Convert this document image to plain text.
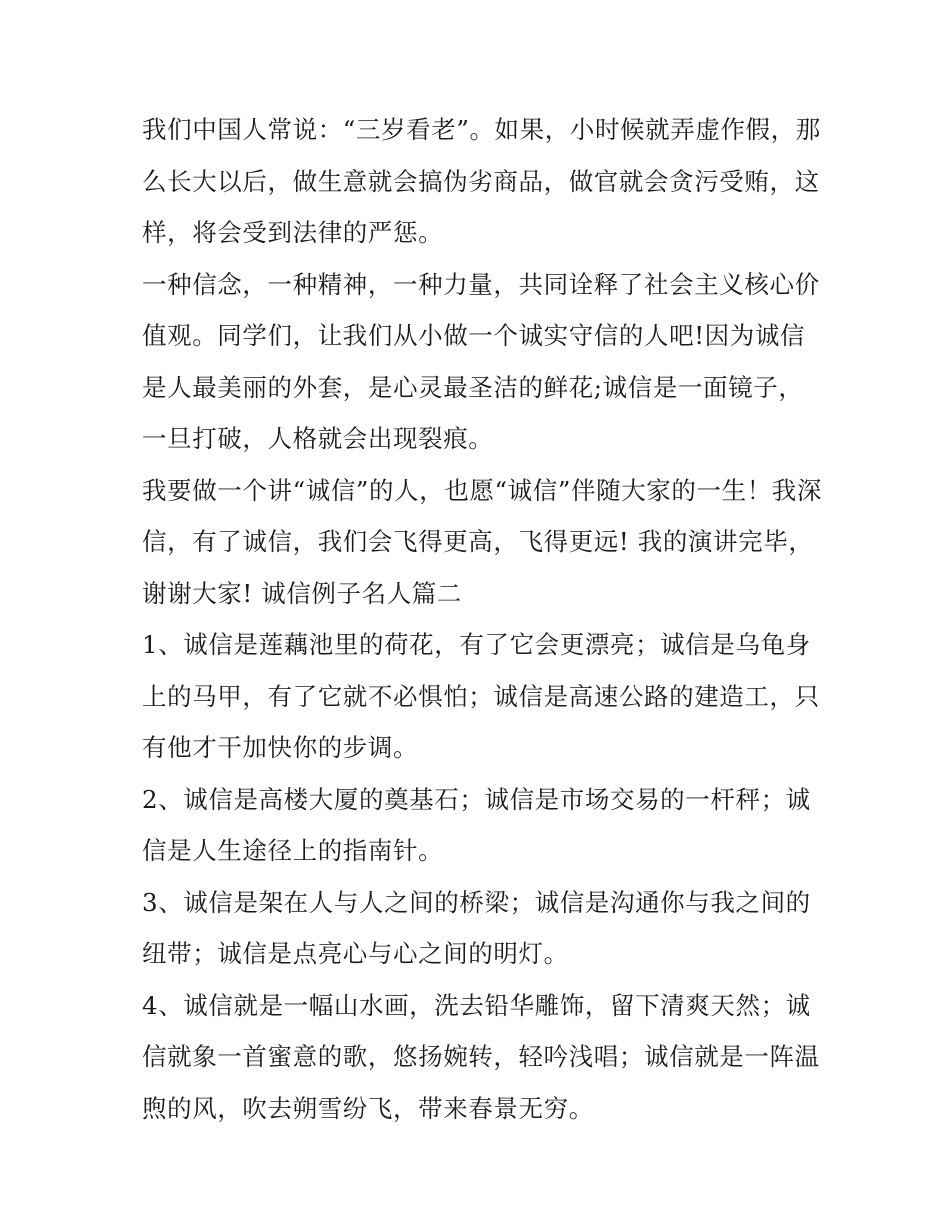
我们中国人常说：“三岁看老”。如果，小时候就弄虚作假，那
么长大以后，做生意就会搞伪劣商品，做官就会贪污受贿，这
样，将会受到法律的严惩。

一种信念，一种精神，一种力量，共同诠释了社会主义核心价
值观。同学们，让我们从小做一个诚实守信的人吧!因为诚信
是人最美丽的外套，是心灵最圣洁的鲜花;诚信是一面镜子，
一旦打破，人格就会出现裂痕。

我要做一个讲“诚信”的人，也愿“诚信”伴随大家的一生！我深
信，有了诚信，我们会飞得更高，飞得更远! 我的演讲完毕，
谢谢大家! 诚信例子名人篇二

1、诚信是莲藕池里的荷花，有了它会更漂亮；诚信是乌龟身
上的马甲，有了它就不必惧怕；诚信是高速公路的建造工，只
有他才干加快你的步调。

2、诚信是高楼大厦的奠基石；诚信是市场交易的一杆秤；诚
信是人生途径上的指南针。

3、诚信是架在人与人之间的桥梁；诚信是沟通你与我之间的
纽带；诚信是点亮心与心之间的明灯。

4、诚信就是一幅山水画，洗去铅华雕饰，留下清爽天然；诚
信就象一首蜜意的歌，悠扬婉转，轻吟浅唱；诚信就是一阵温
煦的风，吹去朔雪纷飞，带来春景无穷。
